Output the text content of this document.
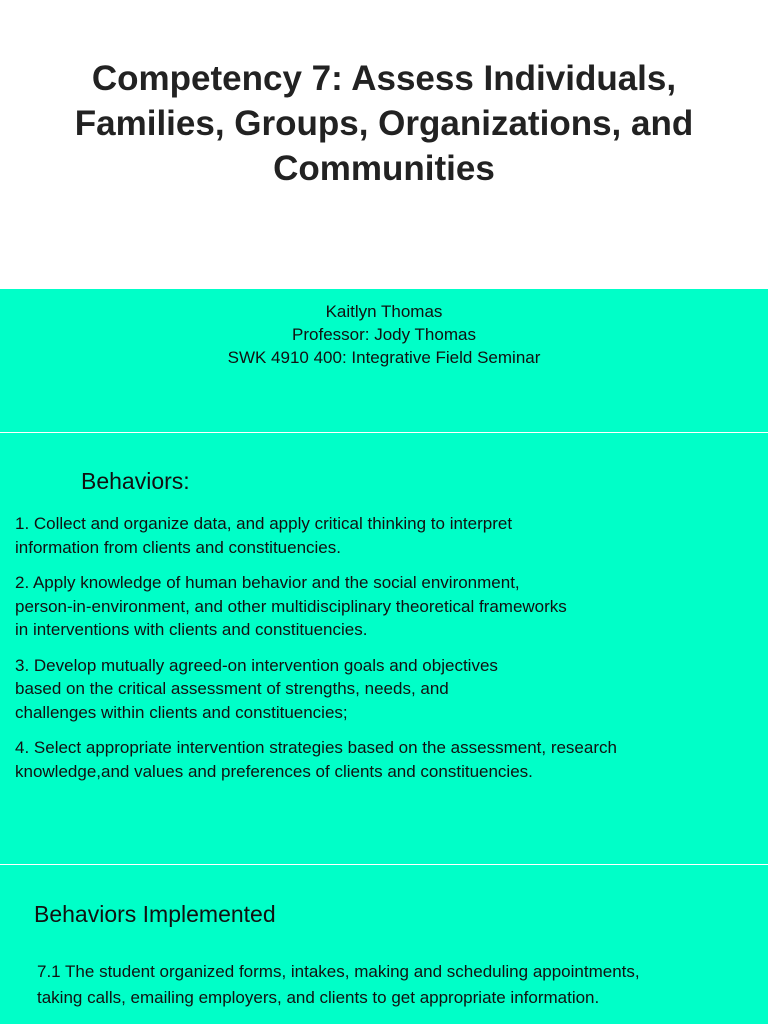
Competency 7: Assess Individuals, Families, Groups, Organizations, and Communities
Kaitlyn Thomas
Professor: Jody Thomas
SWK 4910 400: Integrative Field Seminar
Behaviors:
1. Collect and organize data, and apply critical thinking to interpret
information from clients and constituencies.
2. Apply knowledge of human behavior and the social environment,
person-in-environment, and other multidisciplinary theoretical frameworks
in interventions with clients and constituencies.
3. Develop mutually agreed-on intervention goals and objectives
based on the critical assessment of strengths, needs, and
challenges within clients and constituencies;
4. Select appropriate intervention strategies based on the assessment, research
knowledge,and values and preferences of clients and constituencies.
Behaviors Implemented

7.1 The student organized forms, intakes, making and scheduling appointments,
taking calls, emailing employers, and clients to get appropriate information.
